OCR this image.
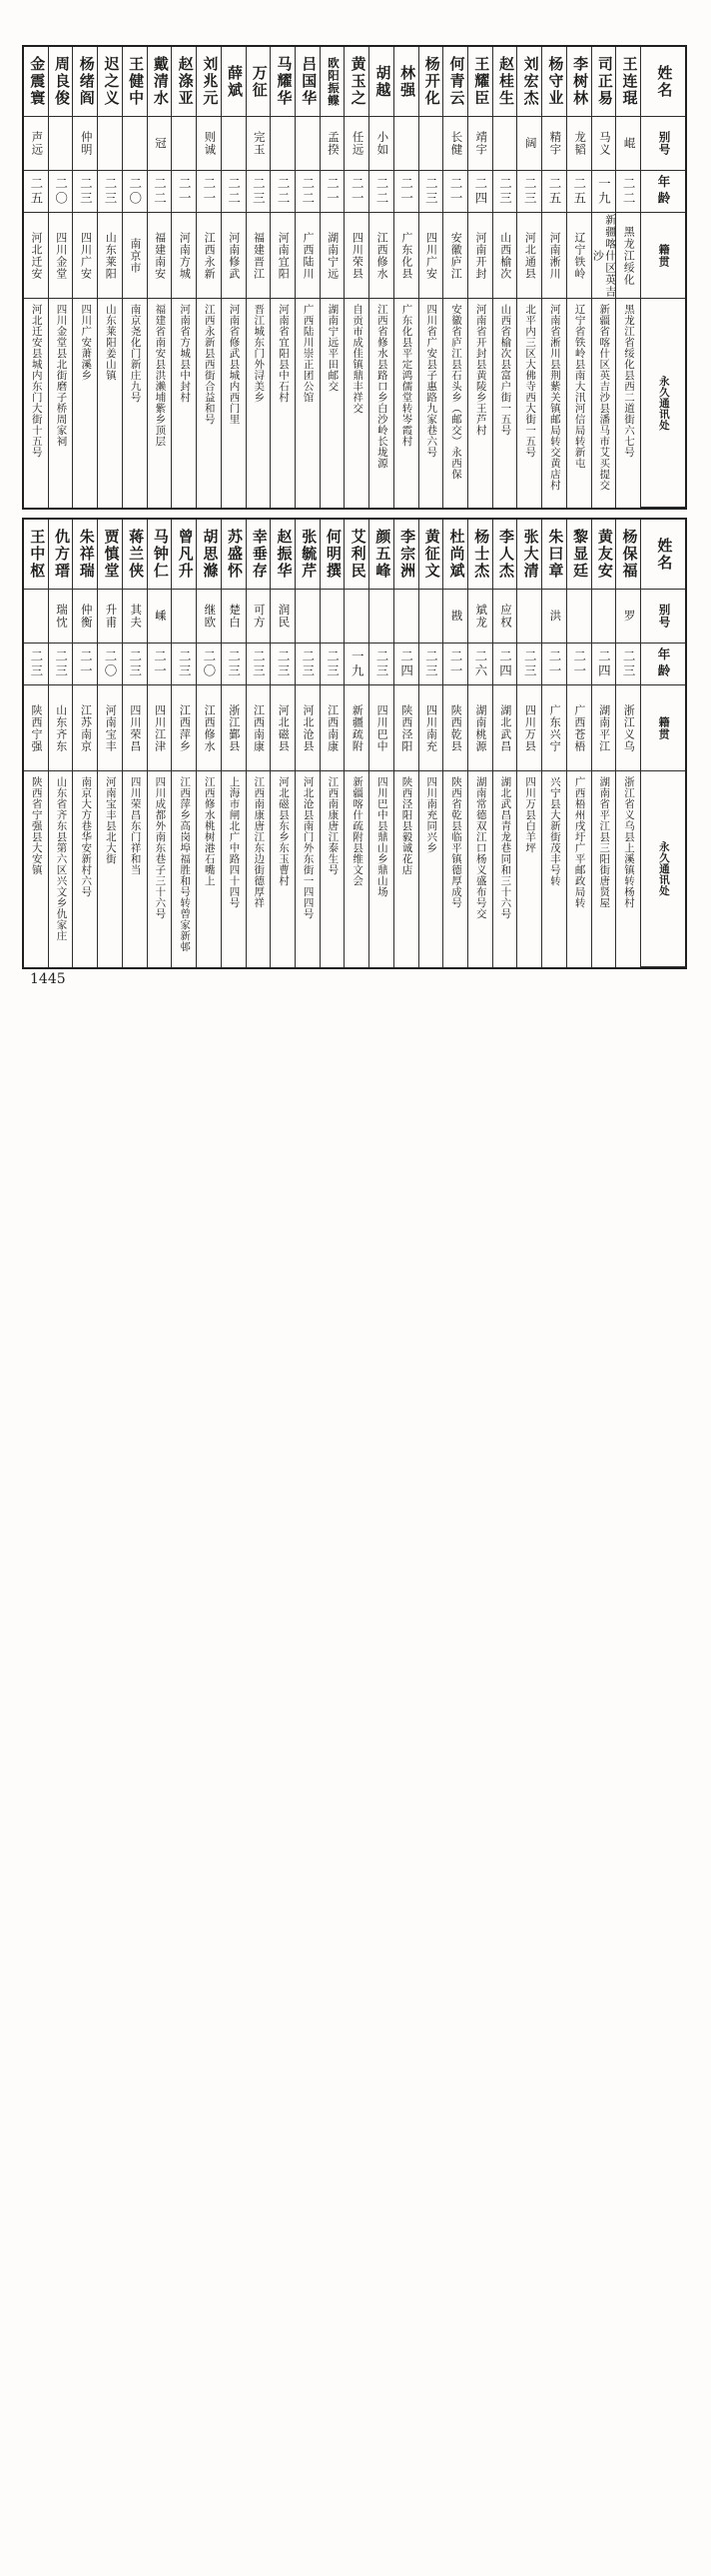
姓名
别号
年龄
籍贯
永久通讯处
王连琨
崐
二二
黑龙江绥化
黑龙江省绥化县西二道街六七号
司正易
马义
一九
新疆喀什区英吉沙
新疆省喀什区英吉沙县潘马市艾买提交
李树林
龙韬
二五
辽宁铁岭
辽宁省铁岭县南大汛河信局转新屯
杨守业
精宇
二五
河南淅川
河南省淅川县荆紫关镇邮局转交黄店村
刘宏杰
阔
二三
河北通县
北平内三区大佛寺西大街一五号
赵桂生
二三
山西榆次
山西省榆次县富户街一五号
王耀臣
靖宇
二四
河南开封
河南省开封县黄陵乡王芦村
何青云
长健
二一
安徽庐江
安徽省庐江县石头乡（邮交）永西保
杨开化
二三
四川广安
四川省广安县子惠路九家巷六号
林强
二一
广东化县
广东化县平定鸿儒堂转岑霞村
胡越
小如
二二
江西修水
江西省修水县路口乡白沙岭长垅源
黄玉之
任远
二一
四川荣县
自贡市成佳镇鼎丰祥交
欧阳振鲽
孟揆
二一
湖南宁远
湖南宁远平田邮交
吕国华
二二
广西陆川
广西陆川崇正团公馆
马耀华
二二
河南宜阳
河南省宜阳县中石村
万征
完玉
二三
福建晋江
晋江城东门外浔美乡
薛斌
二二
河南修武
河南省修武县城内西门里
刘兆元
则诚
二一
江西永新
江西永新县西街合益和号
赵涤亚
二一
河南方城
河南省方城县中封村
戴清水
冠
二二
福建南安
福建省南安县洪濑埔紫乡顶层
王健中
二〇
南京市
南京尧化门新庄九号
迟之义
二三
山东莱阳
山东莱阳姜山镇
杨绪阎
仲明
二三
四川广安
四川广安萧溪乡
周良俊
二〇
四川金堂
四川金堂县北街磨子桥周家祠
金震寰
声远
二五
河北迁安
河北迁安县城内东门大街十五号
姓名
别号
年龄
籍贯
永久通讯处
杨保福
罗
二三
浙江义乌
浙江省义乌县上溪镇转杨村
黄友安
二四
湖南平江
湖南省平江县三阳街唐贤屋
黎显廷
二一
广西苍梧
广西梧州戌圩广平邮政局转
朱曰章
洪
二一
广东兴宁
兴宁县大新街茂丰号转
张大清
二三
四川万县
四川万县白羊坪
李人杰
应权
二四
湖北武昌
湖北武昌青龙巷同和三十六号
杨士杰
斌龙
二六
湖南桃源
湖南常德双江口杨义盛布号交
杜尚斌
戡
二一
陕西乾县
陕西省乾县临平镇德厚成号
黄征文
二三
四川南充
四川南充同兴乡
李宗洲
二四
陕西泾阳
陕西泾阳县毅诚花店
颜五峰
二三
四川巴中
四川巴中县鼎山乡鼎山场
艾利民
一九
新疆疏附
新疆喀什疏附县维文会
何明撰
二三
江西南康
江西南康唐江泰生号
张毓芹
二三
河北沧县
河北沧县南门外东街一四四号
赵振华
润民
二三
河北磁县
河北磁县东乡东玉曹村
幸垂存
可方
二三
江西南康
江西南康唐江东边街德厚祥
苏盛怀
楚白
二三
浙江鄞县
上海市闸北广中路四十四号
胡思滌
继欧
二〇
江西修水
江西修水桃树港石嘴上
曾凡升
二三
江西萍乡
江西萍乡高岗埠福胜和号转曾家新邨
马钟仁
嵊
二一
四川江津
四川成都外南东巷子三十六号
蒋兰侠
其夫
二三
四川荣昌
四川荣昌东门祥和当
贾慎堂
升甫
二〇
河南宝丰
河南宝丰县北大街
朱祥瑞
仲衡
二一
江苏南京
南京大方巷华安新村六号
仇方瑨
瑞忱
二三
山东齐东
山东省齐东县第六区兴文乡仇家庄
王中枢
二三
陕西宁强
陕西省宁强县大安镇
1445
